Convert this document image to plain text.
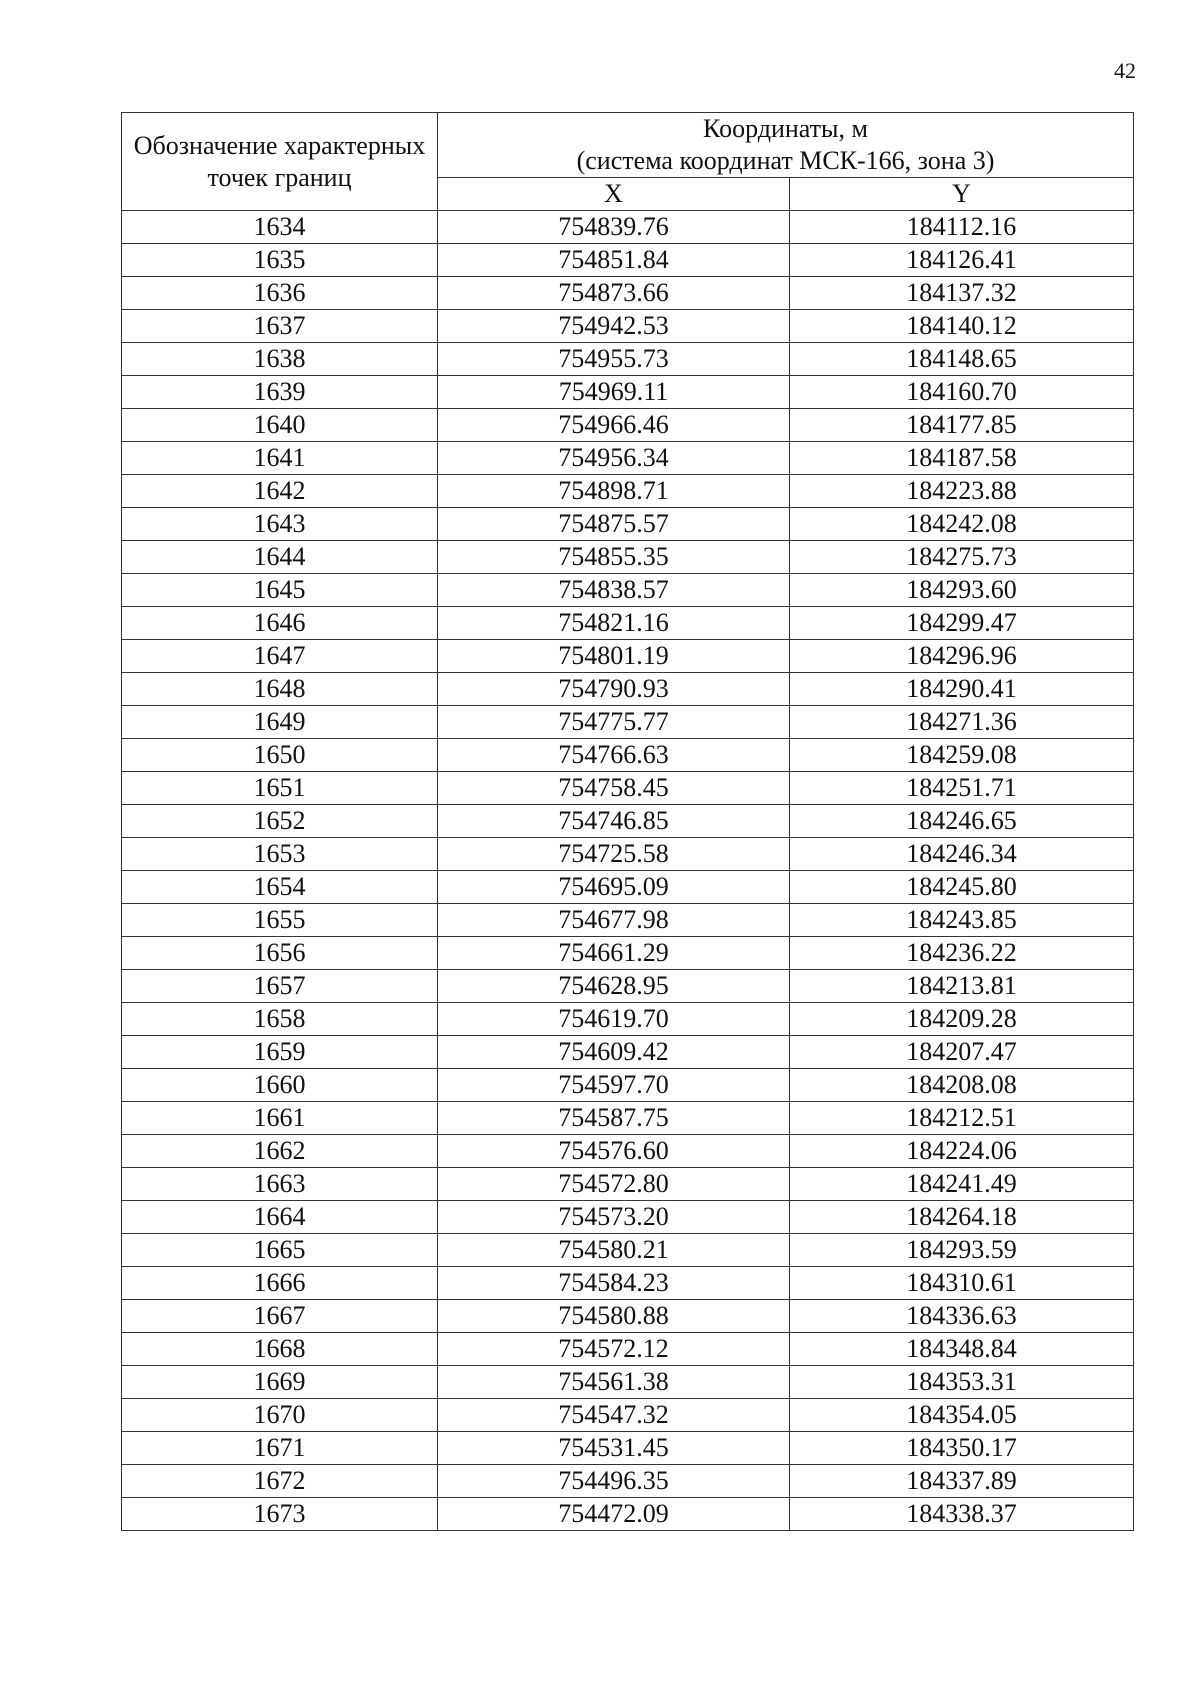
42
Обозначение характерных точек границ	Координаты, м
(система координат МСК-166, зона 3)	

	X	Y
1634	754839.76	184112.16
1635	754851.84	184126.41
1636	754873.66	184137.32
1637	754942.53	184140.12
1638	754955.73	184148.65
1639	754969.11	184160.70
1640	754966.46	184177.85
1641	754956.34	184187.58
1642	754898.71	184223.88
1643	754875.57	184242.08
1644	754855.35	184275.73
1645	754838.57	184293.60
1646	754821.16	184299.47
1647	754801.19	184296.96
1648	754790.93	184290.41
1649	754775.77	184271.36
1650	754766.63	184259.08
1651	754758.45	184251.71
1652	754746.85	184246.65
1653	754725.58	184246.34
1654	754695.09	184245.80
1655	754677.98	184243.85
1656	754661.29	184236.22
1657	754628.95	184213.81
1658	754619.70	184209.28
1659	754609.42	184207.47
1660	754597.70	184208.08
1661	754587.75	184212.51
1662	754576.60	184224.06
1663	754572.80	184241.49
1664	754573.20	184264.18
1665	754580.21	184293.59
1666	754584.23	184310.61
1667	754580.88	184336.63
1668	754572.12	184348.84
1669	754561.38	184353.31
1670	754547.32	184354.05
1671	754531.45	184350.17
1672	754496.35	184337.89
1673	754472.09	184338.37
